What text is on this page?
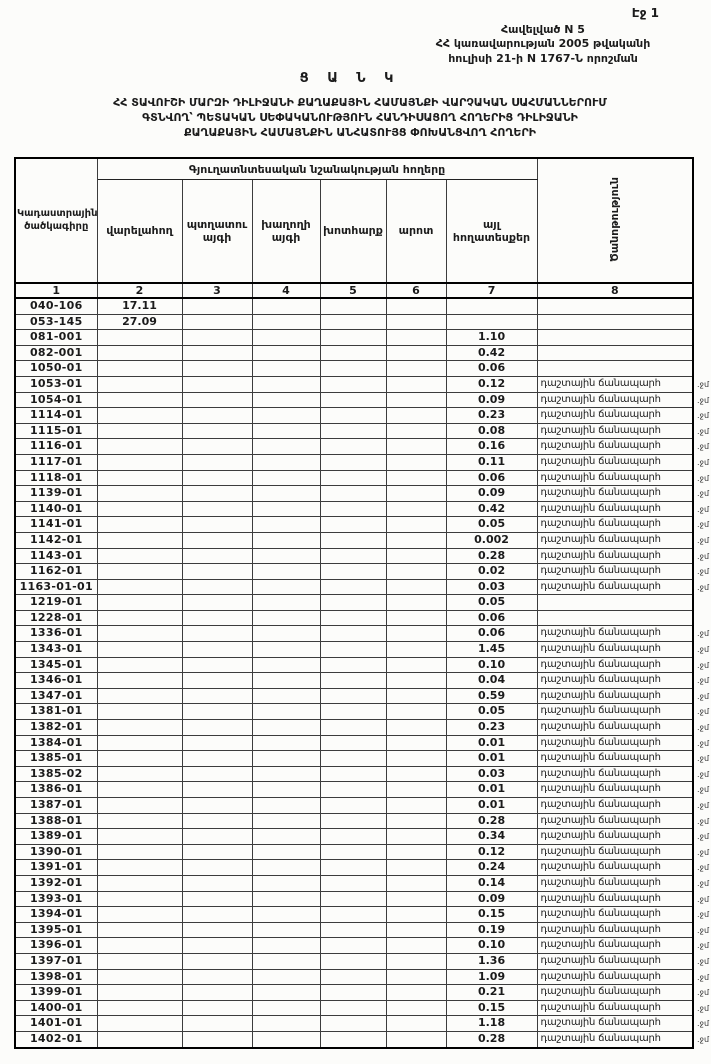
Էջ 1
Հավելված N 5
ՀՀ կառավարության 2005 թվականի
հուլիսի 21-ի N 1767-Ն որոշման
Ց Ա Ն Կ
ՀՀ ՏԱՎՈՒՇԻ ՄԱՐԶԻ ԴԻԼԻՋԱՆԻ ՔԱՂԱՔԱՅԻՆ ՀԱՄԱՅՆՔԻ ՎԱՐՉԱԿԱՆ ՍԱՀՄԱՆՆԵՐՈՒՄ
ԳՏՆՎՈՂ՝ ՊԵՏԱԿԱՆ ՍԵՓԱԿԱՆՈՒԹՅՈՒՆ ՀԱՆԴԻՍԱՑՈՂ ՀՈՂԵՐԻՑ ԴԻԼԻՋԱՆԻ
ՔԱՂԱՔԱՅԻՆ ՀԱՄԱՅՆՔԻՆ ԱՆՀԱՏՈՒՅՑ ՓՈԽԱՆՑՎՈՂ ՀՈՂԵՐԻ
Կադաստրային ծածկագիրը	Գյուղատնտեսական նշանակության հողերը						Ծանոթություն
	վարելահող	պտղատու այգի	խաղողի այգի	խոտհարք	արոտ	այլ հողատեսքեր	
1	2	3	4	5	6	7	8
040-106	17.11						
053-145	27.09						
081-001						1.10	
082-001						0.42	
1050-01						0.06	
1053-01						0.12	դաշտային ճանապարհ .ջմ

1054-01						0.09	դաշտային ճանապարհ .ջմ

1114-01						0.23	դաշտային ճանապարհ .ջմ

1115-01						0.08	դաշտային ճանապարհ .ջմ

1116-01						0.16	դաշտային ճանապարհ .ջմ

1117-01						0.11	դաշտային ճանապարհ .ջմ

1118-01						0.06	դաշտային ճանապարհ .ջմ

1139-01						0.09	դաշտային ճանապարհ .ջմ

1140-01						0.42	դաշտային ճանապարհ .ջմ

1141-01						0.05	դաշտային ճանապարհ .ջմ

1142-01						0.002	դաշտային ճանապարհ .ջմ

1143-01						0.28	դաշտային ճանապարհ .ջմ

1162-01						0.02	դաշտային ճանապարհ .ջմ

1163-01-01						0.03	դաշտային ճանապարհ .ջմ

1219-01						0.05	
1228-01						0.06	
1336-01						0.06	դաշտային ճանապարհ .ջմ

1343-01						1.45	դաշտային ճանապարհ .ջմ

1345-01						0.10	դաշտային ճանապարհ .ջմ

1346-01						0.04	դաշտային ճանապարհ .ջմ

1347-01						0.59	դաշտային ճանապարհ .ջմ

1381-01						0.05	դաշտային ճանապարհ .ջմ

1382-01						0.23	դաշտային ճանապարհ .ջմ

1384-01						0.01	դաշտային ճանապարհ .ջմ

1385-01						0.01	դաշտային ճանապարհ .ջմ

1385-02						0.03	դաշտային ճանապարհ .ջմ

1386-01						0.01	դաշտային ճանապարհ .ջմ

1387-01						0.01	դաշտային ճանապարհ .ջմ

1388-01						0.28	դաշտային ճանապարհ .ջմ

1389-01						0.34	դաշտային ճանապարհ .ջմ

1390-01						0.12	դաշտային ճանապարհ .ջմ

1391-01						0.24	դաշտային ճանապարհ .ջմ

1392-01						0.14	դաշտային ճանապարհ .ջմ

1393-01						0.09	դաշտային ճանապարհ .ջմ

1394-01						0.15	դաշտային ճանապարհ .ջմ

1395-01						0.19	դաշտային ճանապարհ .ջմ

1396-01						0.10	դաշտային ճանապարհ .ջմ

1397-01						1.36	դաշտային ճանապարհ .ջմ

1398-01						1.09	դաշտային ճանապարհ .ջմ

1399-01						0.21	դաշտային ճանապարհ .ջմ

1400-01						0.15	դաշտային ճանապարհ .ջմ

1401-01						1.18	դաշտային ճանապարհ .ջմ

1402-01						0.28	դաշտային ճանապարհ .ջմ
